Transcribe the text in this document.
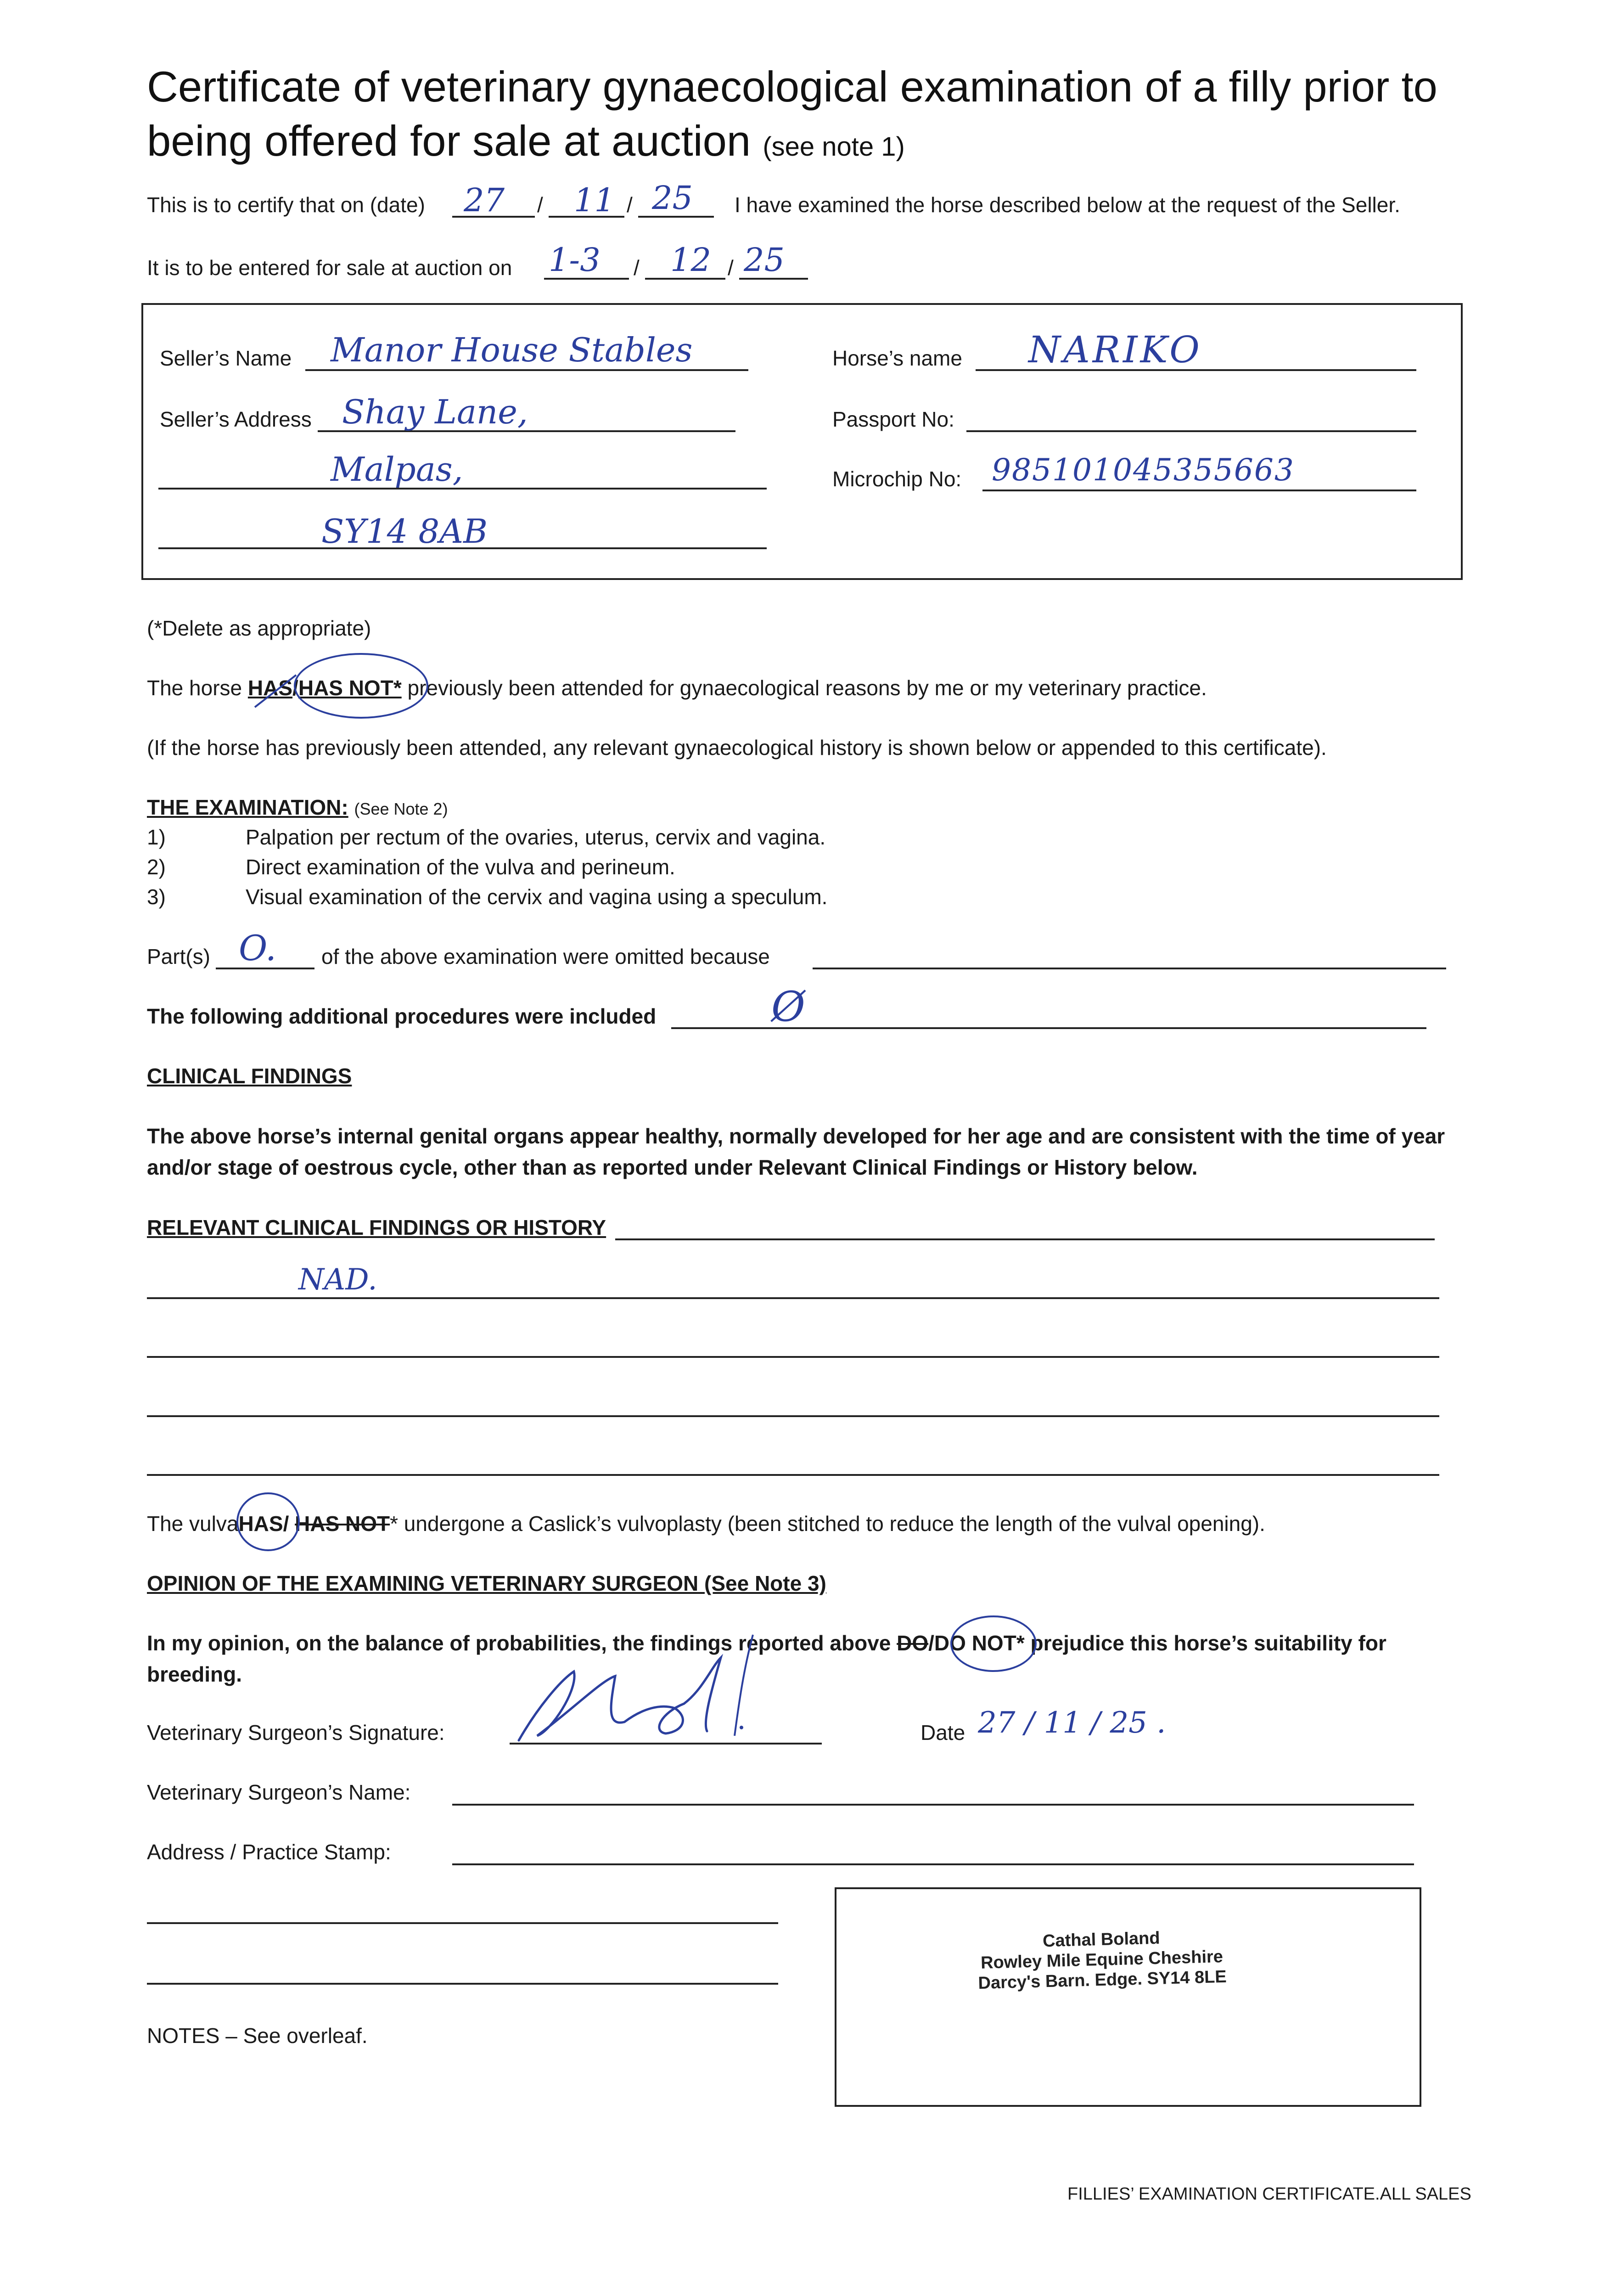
Certificate of veterinary gynaecological examination of a filly prior to being offered for sale at auction (see note 1)
This is to certify that on (date) 27 / 11 / 25 I have examined the horse described below at the request of the Seller.
It is to be entered for sale at auction on 1-3 / 12 / 25
Seller’s Name Manor House Stables
Seller’s Address Shay Lane,
Malpas,
SY14 8AB
Horse’s name NARIKO
Passport No:
Microchip No: 985101045355663
(*Delete as appropriate)
The horse HAS/HAS NOT* previously been attended for gynaecological reasons by me or my veterinary practice.
(If the horse has previously been attended, any relevant gynaecological history is shown below or appended to this certificate).
THE EXAMINATION: (See Note 2)
1)	Palpation per rectum of the ovaries, uterus, cervix and vagina.
2)	Direct examination of the vulva and perineum.
3)	Visual examination of the cervix and vagina using a speculum.
Part(s) O. of the above examination were omitted because
The following additional procedures were included	Ø
CLINICAL FINDINGS
The above horse’s internal genital organs appear healthy, normally developed for her age and are consistent with the time of year and/or stage of oestrous cycle, other than as reported under Relevant Clinical Findings or History below.
RELEVANT CLINICAL FINDINGS OR HISTORY
NAD.
The vulvaHAS/ HAS NOT* undergone a Caslick’s vulvoplasty (been stitched to reduce the length of the vulval opening).
OPINION OF THE EXAMINING VETERINARY SURGEON (See Note 3)
In my opinion, on the balance of probabilities, the findings reported above DO/DO NOT* prejudice this horse’s suitability for
breeding.
Veterinary Surgeon’s Signature:	Date 27 / 11 / 25 .
Veterinary Surgeon’s Name:
Address / Practice Stamp:
Cathal Boland
Rowley Mile Equine Cheshire
Darcy's Barn. Edge. SY14 8LE
NOTES – See overleaf.
FILLIES’ EXAMINATION CERTIFICATE.ALL SALES
